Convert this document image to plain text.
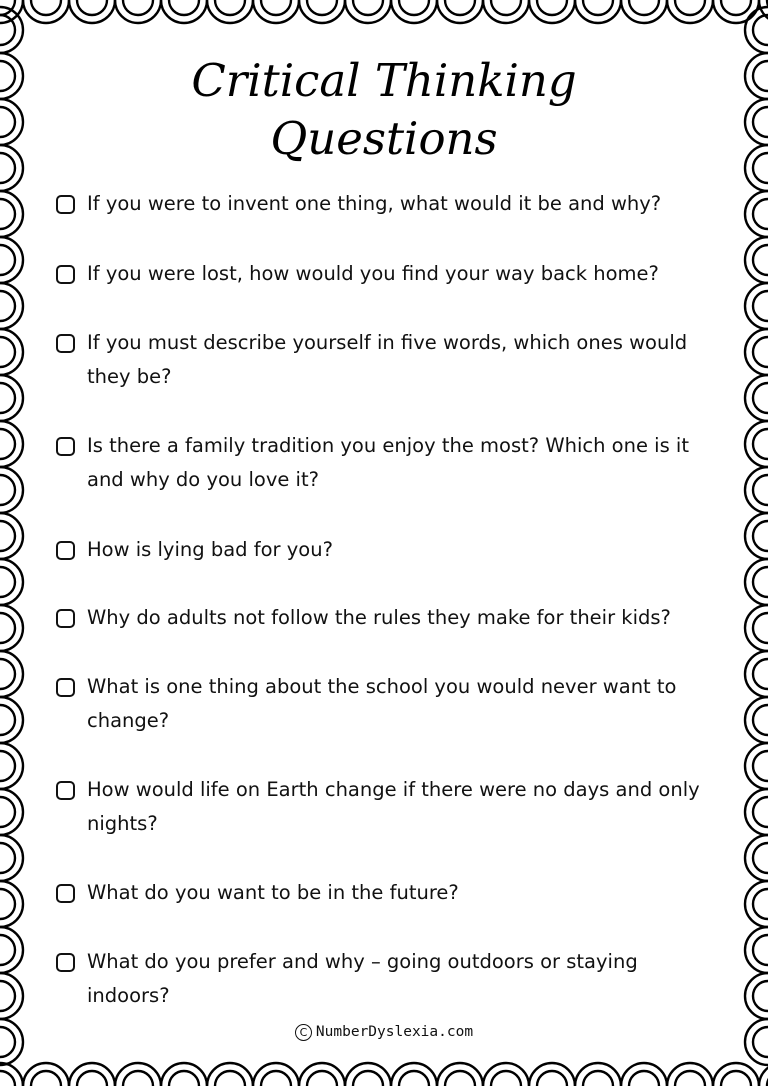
Critical Thinking
Questions
If you were to invent one thing, what would it be and why?
If you were lost, how would you find your way back home?
If you must describe yourself in five words, which ones would they be?
Is there a family tradition you enjoy the most? Which one is it and why do you love it?
How is lying bad for you?
Why do adults not follow the rules they make for their kids?
What is one thing about the school you would never want to change?
How would life on Earth change if there were no days and only nights?
What do you want to be in the future?
What do you prefer and why – going outdoors or staying indoors?
C NumberDyslexia.com
